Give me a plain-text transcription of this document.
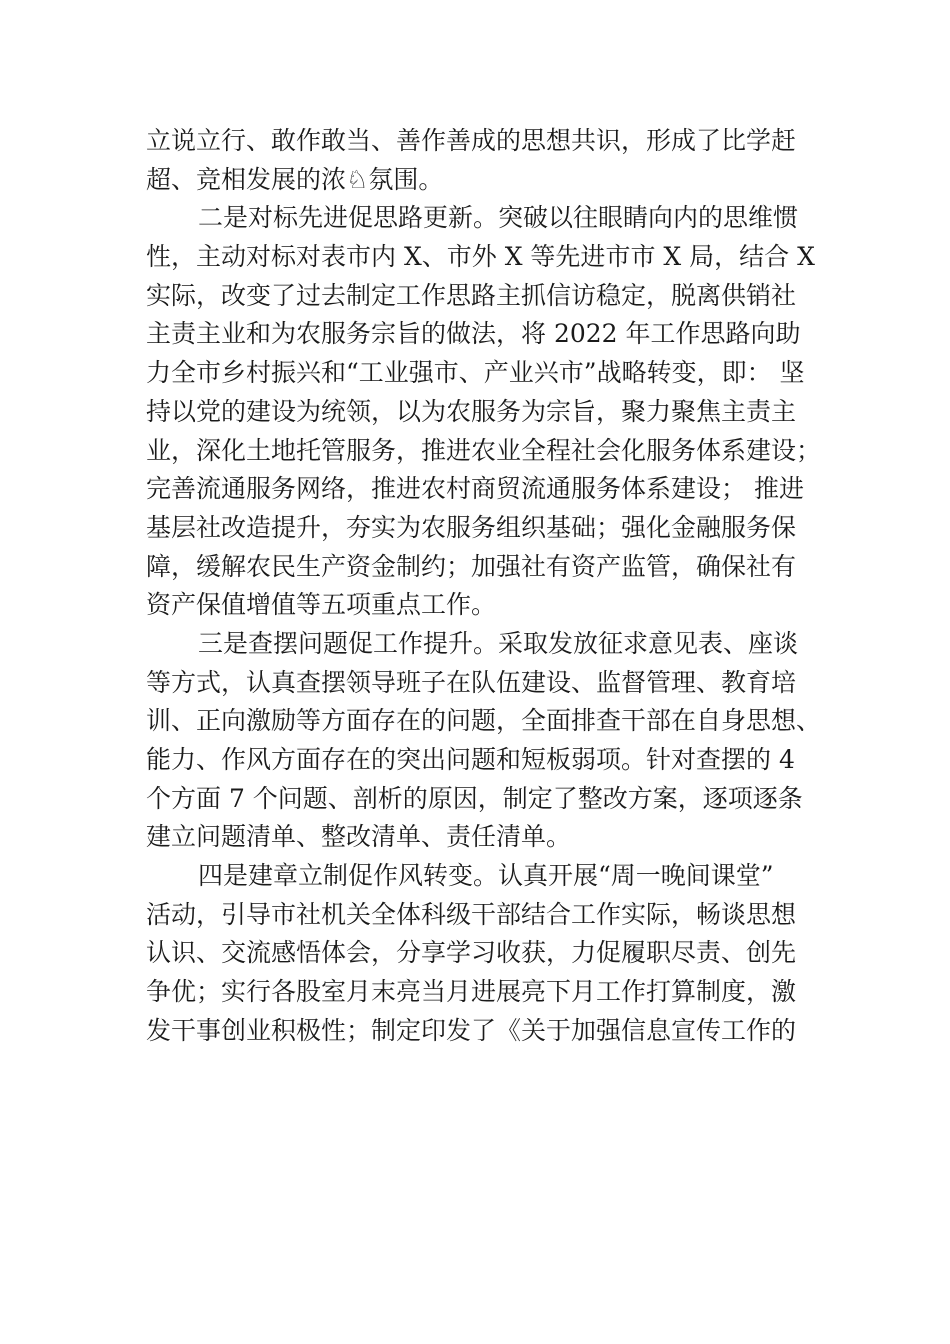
立说立行、敢作敢当、善作善成的思想共识，形成了比学赶
超、竞相发展的浓♘氛围。
二是对标先进促思路更新。突破以往眼睛向内的思维惯
性，主动对标对表市内 X、市外 X 等先进市市 X 局，结合 X
实际，改变了过去制定工作思路主抓信访稳定，脱离供销社
主责主业和为农服务宗旨的做法，将 2022 年工作思路向助
力全市乡村振兴和“工业强市、产业兴市”战略转变，即： 坚
持以党的建设为统领，以为农服务为宗旨，聚力聚焦主责主
业，深化土地托管服务，推进农业全程社会化服务体系建设；
完善流通服务网络，推进农村商贸流通服务体系建设； 推进
基层社改造提升，夯实为农服务组织基础；强化金融服务保
障，缓解农民生产资金制约；加强社有资产监管，确保社有
资产保值增值等五项重点工作。
三是查摆问题促工作提升。采取发放征求意见表、座谈
等方式，认真查摆领导班子在队伍建设、监督管理、教育培
训、正向激励等方面存在的问题，全面排查干部在自身思想、
能力、作风方面存在的突出问题和短板弱项。针对查摆的 4
个方面 7 个问题、剖析的原因，制定了整改方案，逐项逐条
建立问题清单、整改清单、责任清单。
四是建章立制促作风转变。认真开展“周一晚间课堂”
活动，引导市社机关全体科级干部结合工作实际，畅谈思想
认识、交流感悟体会，分享学习收获，力促履职尽责、创先
争优；实行各股室月末亮当月进展亮下月工作打算制度，激
发干事创业积极性；制定印发了《关于加强信息宣传工作的
